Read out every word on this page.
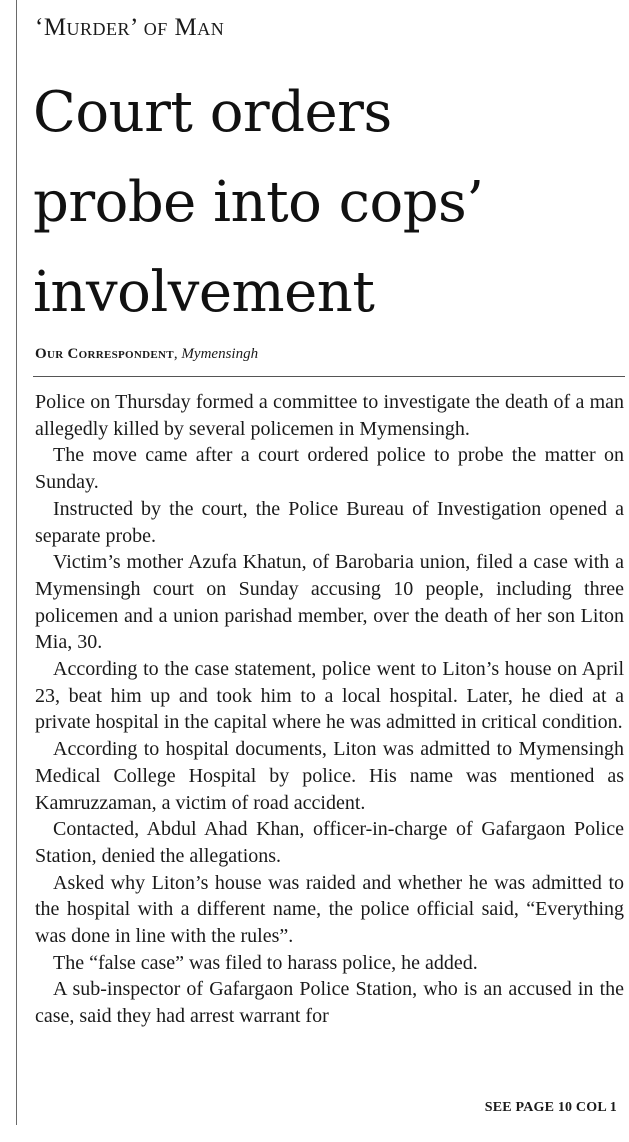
‘Murder’ of Man
Court orders
probe into cops’
involvement
Our Correspondent, Mymensingh

Police on Thursday formed a committee to investigate the death of a man allegedly killed by several policemen in Mymensingh.

The move came after a court ordered police to probe the matter on Sunday.

Instructed by the court, the Police Bureau of Investigation opened a separate probe.

Victim’s mother Azufa Khatun, of Barobaria union, filed a case with a Mymensingh court on Sunday accusing 10 people, including three policemen and a union parishad member, over the death of her son Liton Mia, 30.

According to the case statement, police went to Liton’s house on April 23, beat him up and took him to a local hospital. Later, he died at a private hospital in the capital where he was admitted in critical condition.

According to hospital documents, Liton was admitted to Mymensingh Medical College Hospital by police. His name was mentioned as Kamruzzaman, a victim of road accident.

Contacted, Abdul Ahad Khan, officer-in-charge of Gafargaon Police Station, denied the allegations.

Asked why Liton’s house was raided and whether he was admitted to the hospital with a different name, the police official said, “Everything was done in line with the rules”.

The “false case” was filed to harass police, he added.

A sub-inspector of Gafargaon Police Station, who is an accused in the case, said they had arrest warrant for

SEE PAGE 10 COL 1
